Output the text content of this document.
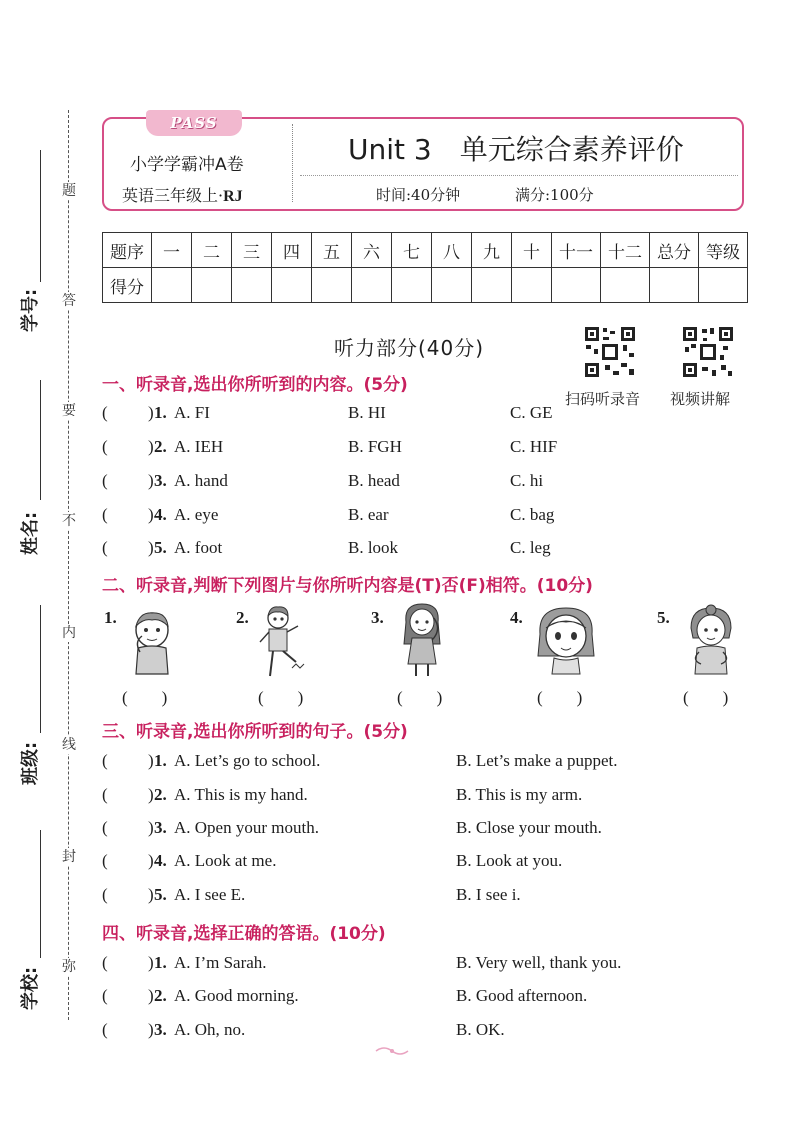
题
答
要
不
内
线
封
弥
学号:
姓名:
班级:
学校:
PASS
小学学霸冲A卷
英语三年级上·RJ
Unit 3　单元综合素养评价
时间:40分钟	满分:100分
题序	一	二	三	四	五	六	七	八	九	十	十一	十二	总分	等级
得分														
听力部分(40分)
扫码听录音 视频讲解
一、听录音,选出你所听到的内容。(5分)
( ) 1. A. FI	B. HI	C. GE
( ) 2. A. IEH	B. FGH	C. HIF
( ) 3. A. hand	B. head	C. hi
( ) 4. A. eye	B. ear	C. bag
( ) 5. A. foot	B. look	C. leg
二、听录音,判断下列图片与你所听内容是(T)否(F)相符。(10分)
1.
(　　)
2.
(　　)
3.
(　　)
4.
(　　)
5.
(　　)
三、听录音,选出你所听到的句子。(5分)
( ) 1. A. Let’s go to school.	B. Let’s make a puppet.
( ) 2. A. This is my hand.	B. This is my arm.
( ) 3. A. Open your mouth.	B. Close your mouth.
( ) 4. A. Look at me.	B. Look at you.
( ) 5. A. I see E.	B. I see i.
四、听录音,选择正确的答语。(10分)
( ) 1. A. I’m Sarah.	B. Very well, thank you.
( ) 2. A. Good morning.	B. Good afternoon.
( ) 3. A. Oh, no.	B. OK.
